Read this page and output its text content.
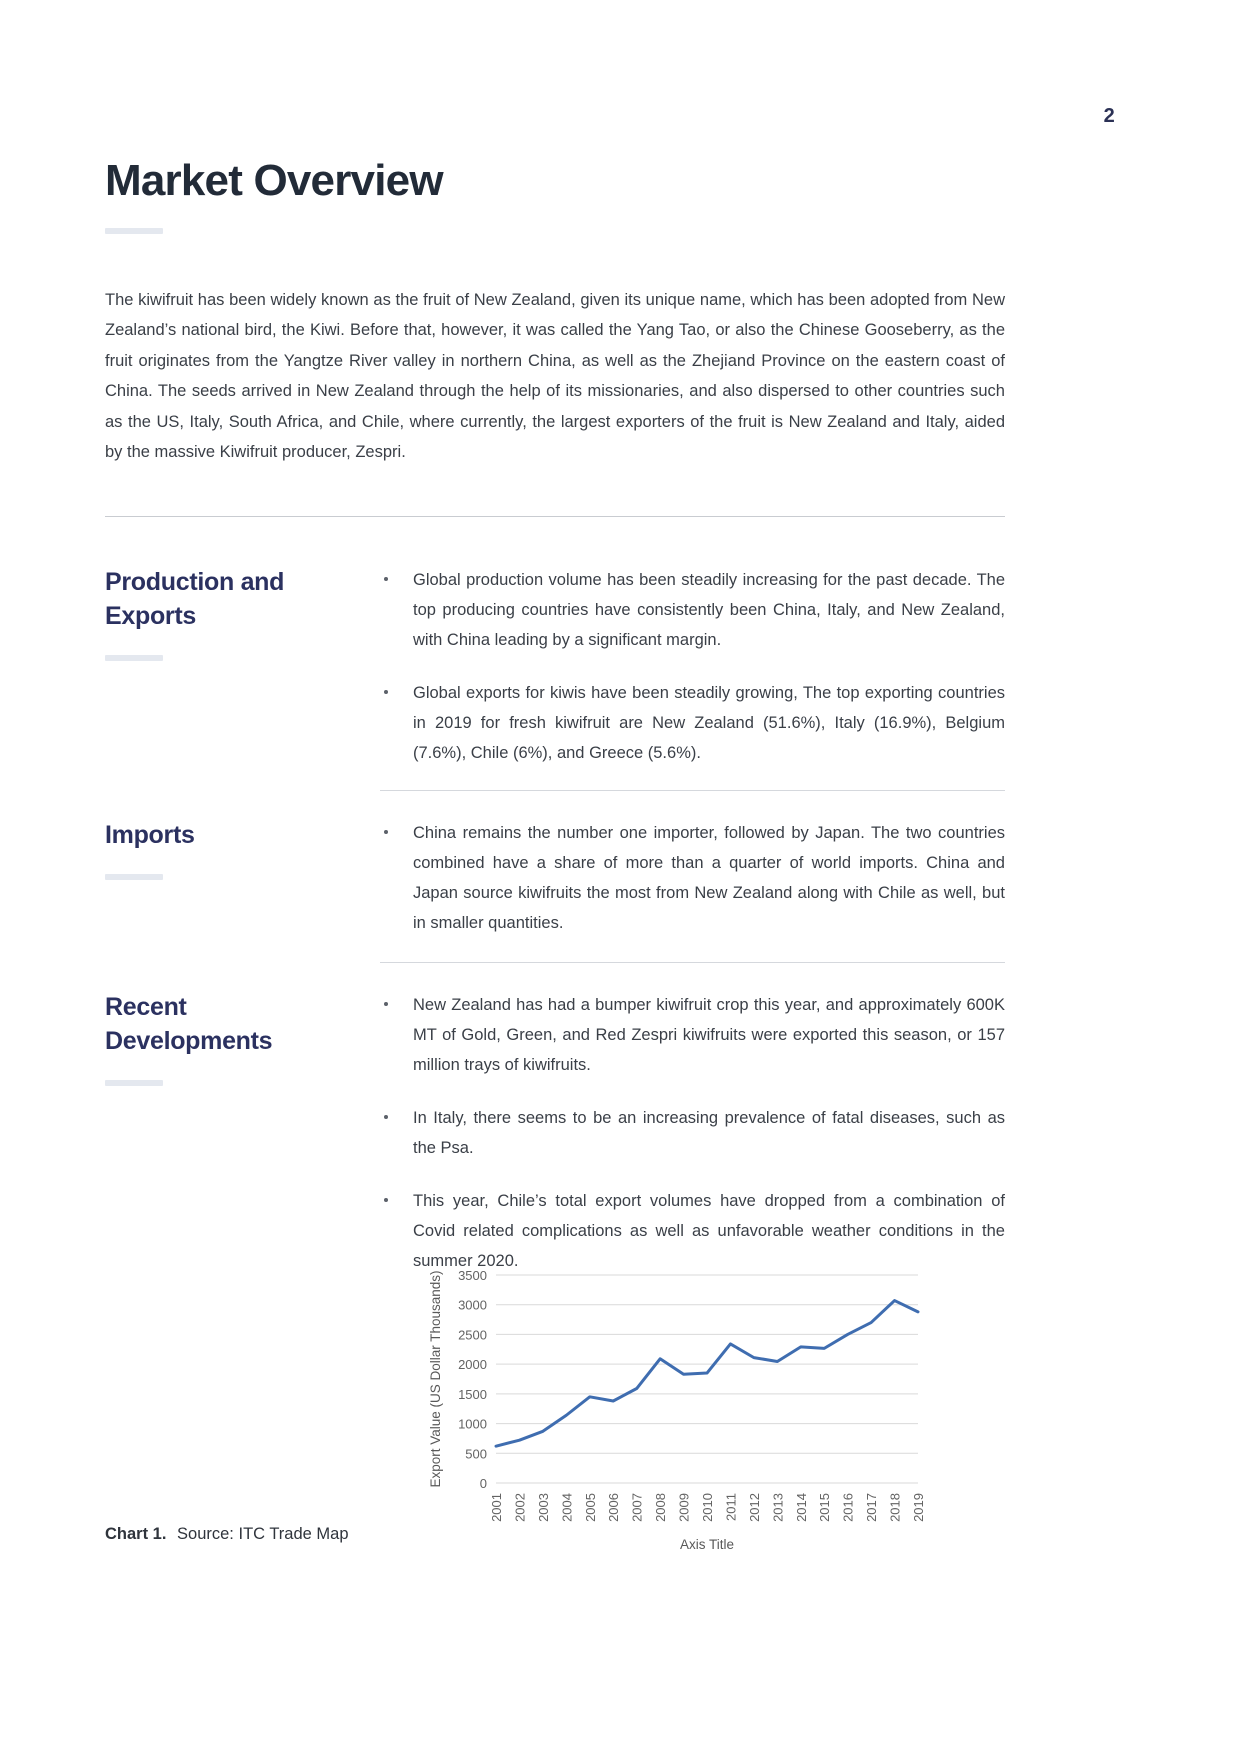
2
Market Overview

The kiwifruit has been widely known as the fruit of New Zealand, given its unique name, which has been adopted from New Zealand’s national bird, the Kiwi. Before that, however, it was called the Yang Tao, or also the Chinese Gooseberry, as the fruit originates from the Yangtze River valley in northern China, as well as the Zhejiand Province on the eastern coast of China. The seeds arrived in New Zealand through the help of its missionaries, and also dispersed to other countries such as the US, Italy, South Africa, and Chile, where currently, the largest exporters of the fruit is New Zealand and Italy, aided by the massive Kiwifruit producer, Zespri.

Production and Exports
Global production volume has been steadily increasing for the past decade. The top producing countries have consistently been China, Italy, and New Zealand, with China leading by a significant margin.
Global exports for kiwis have been steadily growing, The top exporting countries in 2019 for fresh kiwifruit are New Zealand (51.6%), Italy (16.9%), Belgium (7.6%), Chile (6%), and Greece (5.6%).
Imports	China remains the number one importer, followed by Japan. The two countries combined have a share of more than a quarter of world imports. China and Japan source kiwifruits the most from New Zealand along with Chile as well, but in smaller quantities.
Recent Developments
New Zealand has had a bumper kiwifruit crop this year, and approximately 600K MT of Gold, Green, and Red Zespri kiwifruits were exported this season, or 157 million trays of kiwifruits.
In Italy, there seems to be an increasing prevalence of fatal diseases, such as the Psa.
This year, Chile’s total export volumes have dropped from a combination of Covid related complications as well as unfavorable weather conditions in the summer 2020.
0
500
1000
1500
2000
2500
3000
3500
Export Value (US Dollar Thousands)
2001 2002 2003 2004 2005 2006 2007 2008 2009 2010 2011 2012 2013 2014 2015 2016 2017 2018 2019
Axis Title
Chart 1. Source: ITC Trade Map
